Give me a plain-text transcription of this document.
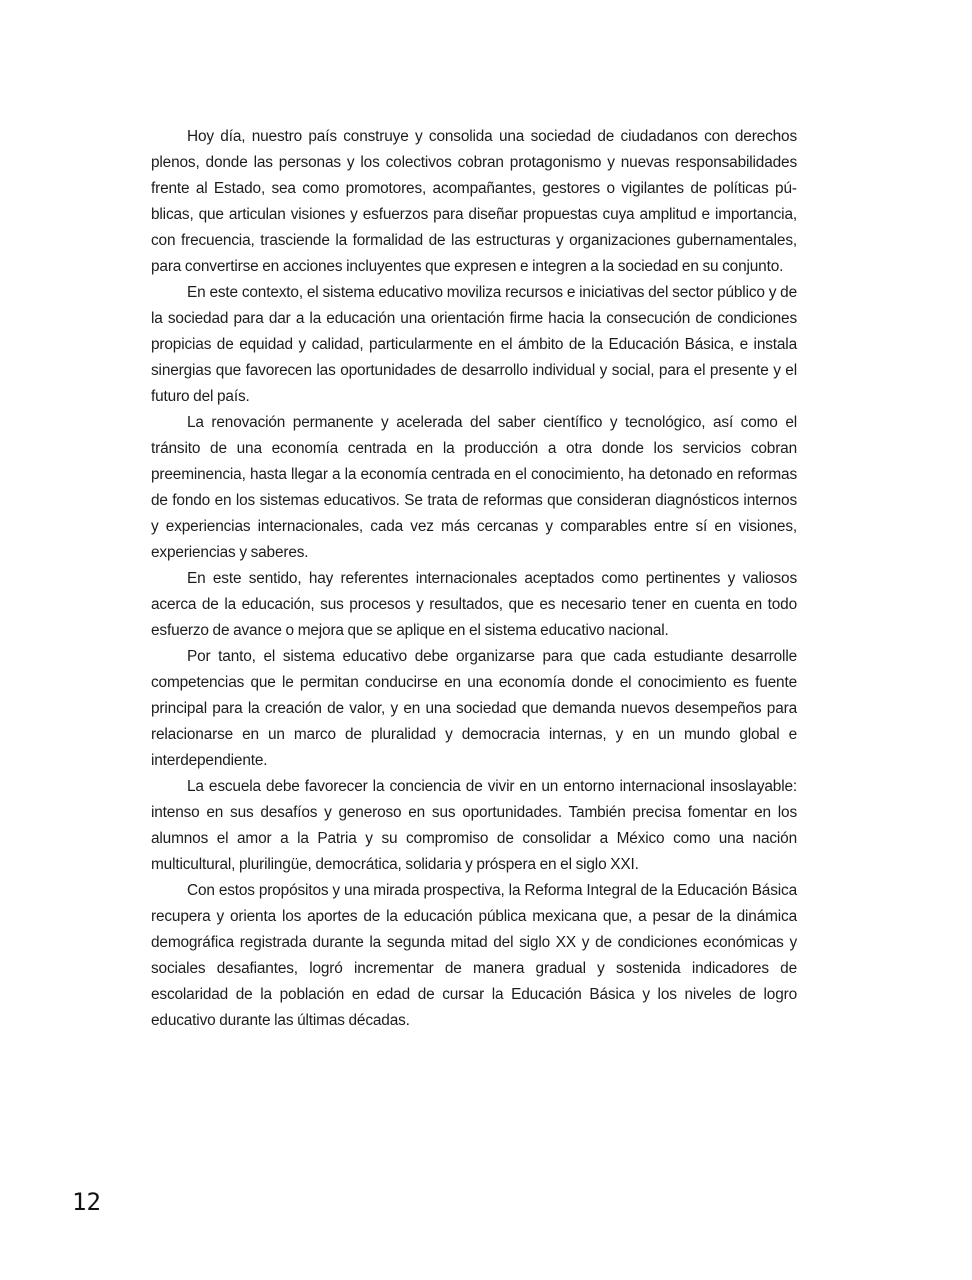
Hoy día, nuestro país construye y consolida una sociedad de ciudadanos con derechos plenos, donde las personas y los colectivos cobran protagonismo y nuevas responsabilidades frente al Estado, sea como promotores, acompañantes, gestores o vigilantes de políticas públicas, que articulan visiones y esfuerzos para diseñar propuestas cuya amplitud e importancia, con frecuencia, trasciende la formalidad de las estructuras y organizaciones gubernamentales, para convertirse en acciones incluyentes que expresen e integren a la sociedad en su conjunto.

En este contexto, el sistema educativo moviliza recursos e iniciativas del sector público y de la sociedad para dar a la educación una orientación firme hacia la consecución de condiciones propicias de equidad y calidad, particularmente en el ámbito de la Educación Básica, e instala sinergias que favorecen las oportunidades de desarrollo individual y social, para el presente y el futuro del país.

La renovación permanente y acelerada del saber científico y tecnológico, así como el tránsito de una economía centrada en la producción a otra donde los servicios cobran preeminencia, hasta llegar a la economía centrada en el conocimiento, ha detonado en reformas de fondo en los sistemas educativos. Se trata de reformas que consideran diagnósticos internos y experiencias internacionales, cada vez más cercanas y comparables entre sí en visiones, experiencias y saberes.

En este sentido, hay referentes internacionales aceptados como pertinentes y valiosos acerca de la educación, sus procesos y resultados, que es necesario tener en cuenta en todo esfuerzo de avance o mejora que se aplique en el sistema educativo nacional.

Por tanto, el sistema educativo debe organizarse para que cada estudiante desarrolle competencias que le permitan conducirse en una economía donde el conocimiento es fuente principal para la creación de valor, y en una sociedad que demanda nuevos desempeños para relacionarse en un marco de pluralidad y democracia internas, y en un mundo global e interdependiente.

La escuela debe favorecer la conciencia de vivir en un entorno internacional insoslayable: intenso en sus desafíos y generoso en sus oportunidades. También precisa fomentar en los alumnos el amor a la Patria y su compromiso de consolidar a México como una nación multicultural, plurilingüe, democrática, solidaria y próspera en el siglo XXI.

Con estos propósitos y una mirada prospectiva, la Reforma Integral de la Educación Básica recupera y orienta los aportes de la educación pública mexicana que, a pesar de la dinámica demográfica registrada durante la segunda mitad del siglo XX y de condiciones económicas y sociales desafiantes, logró incrementar de manera gradual y sostenida indicadores de escolaridad de la población en edad de cursar la Educación Básica y los niveles de logro educativo durante las últimas décadas.

12
